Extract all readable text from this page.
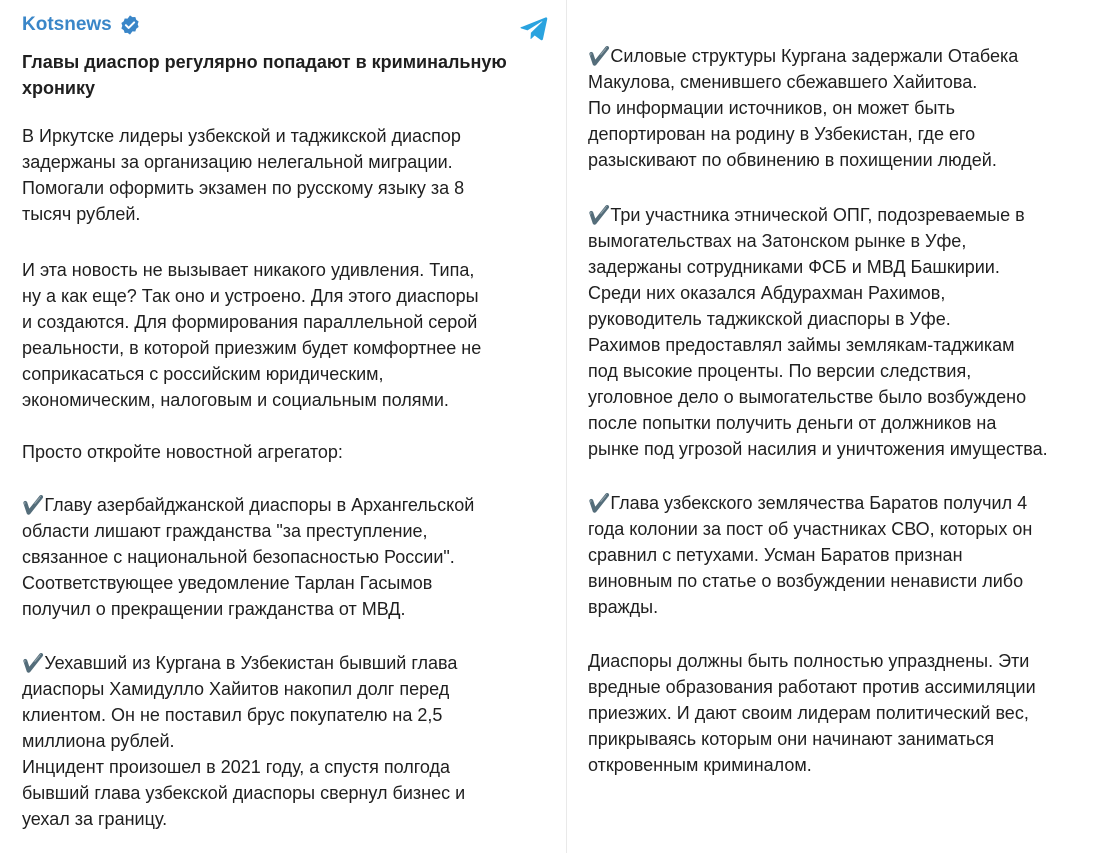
Kotsnews
Главы диаспор регулярно попадают в криминальную
хронику
В Иркутске лидеры узбекской и таджикской диаспор
задержаны за организацию нелегальной миграции.
Помогали оформить экзамен по русскому языку за 8
тысяч рублей.
И эта новость не вызывает никакого удивления. Типа,
ну а как еще? Так оно и устроено. Для этого диаспоры
и создаются. Для формирования параллельной серой
реальности, в которой приезжим будет комфортнее не
соприкасаться с российским юридическим,
экономическим, налоговым и социальным полями.
Просто откройте новостной агрегатор:
✔️Главу азербайджанской диаспоры в Архангельской
области лишают гражданства "за преступление,
связанное с национальной безопасностью России".
Соответствующее уведомление Тарлан Гасымов
получил о прекращении гражданства от МВД.
✔️Уехавший из Кургана в Узбекистан бывший глава
диаспоры Хамидулло Хайитов накопил долг перед
клиентом. Он не поставил брус покупателю на 2,5
миллиона рублей.
Инцидент произошел в 2021 году, а спустя полгода
бывший глава узбекской диаспоры свернул бизнес и
уехал за границу.
✔️Силовые структуры Кургана задержали Отабека
Макулова, сменившего сбежавшего Хайитова.
По информации источников, он может быть
депортирован на родину в Узбекистан, где его
разыскивают по обвинению в похищении людей.
✔️Три участника этнической ОПГ, подозреваемые в
вымогательствах на Затонском рынке в Уфе,
задержаны сотрудниками ФСБ и МВД Башкирии.
Среди них оказался Абдурахман Рахимов,
руководитель таджикской диаспоры в Уфе.
Рахимов предоставлял займы землякам-таджикам
под высокие проценты. По версии следствия,
уголовное дело о вымогательстве было возбуждено
после попытки получить деньги от должников на
рынке под угрозой насилия и уничтожения имущества.
✔️Глава узбекского землячества Баратов получил 4
года колонии за пост об участниках СВО, которых он
сравнил с петухами. Усман Баратов признан
виновным по статье о возбуждении ненависти либо
вражды.
Диаспоры должны быть полностью упразднены. Эти
вредные образования работают против ассимиляции
приезжих. И дают своим лидерам политический вес,
прикрываясь которым они начинают заниматься
откровенным криминалом.
